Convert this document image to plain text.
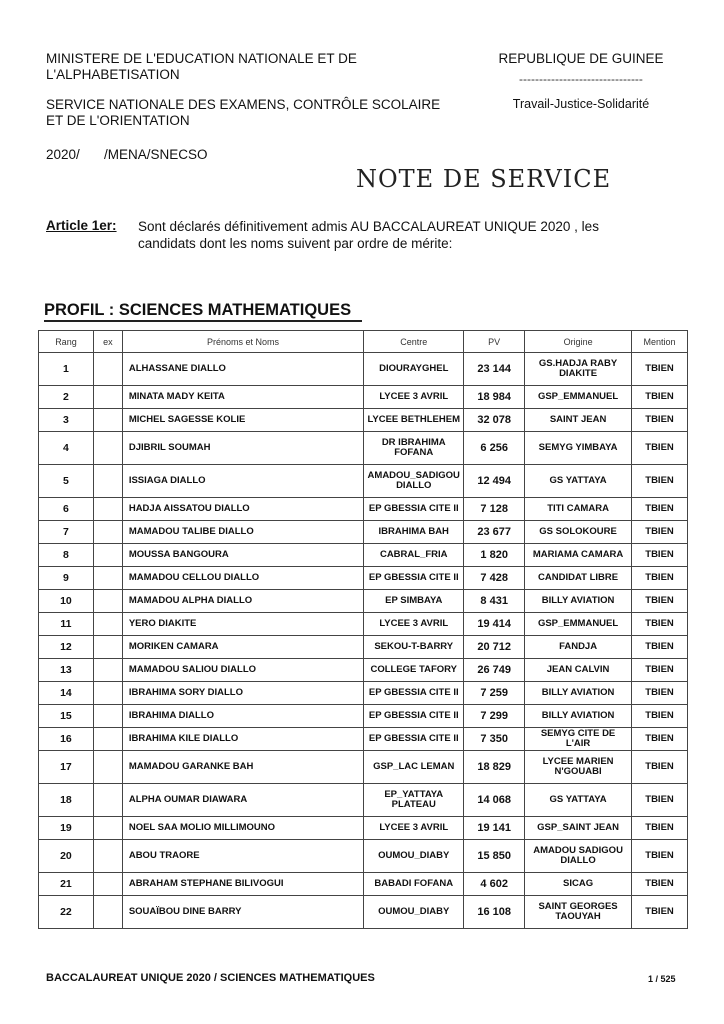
MINISTERE DE L'EDUCATION NATIONALE ET DE
L'ALPHABETISATION
SERVICE NATIONALE DES EXAMENS, CONTRÔLE SCOLAIRE
ET DE L'ORIENTATION
2020/ /MENA/SNECSO
REPUBLIQUE DE GUINEE
-------------------------------
Travail-Justice-Solidarité
NOTE DE SERVICE
Article 1er: Sont déclarés définitivement admis AU BACCALAUREAT UNIQUE 2020 , les
candidats dont les noms suivent par ordre de mérite:
PROFIL : SCIENCES MATHEMATIQUES
Rang	ex	Prénoms et Noms	Centre	PV	Origine	Mention
1		ALHASSANE DIALLO	DIOURAYGHEL	23 144	GS.HADJA RABY DIAKITE	TBIEN
2		MINATA MADY KEITA	LYCEE 3 AVRIL	18 984	GSP_EMMANUEL	TBIEN
3		MICHEL SAGESSE KOLIE	LYCEE BETHLEHEM	32 078	SAINT JEAN	TBIEN
4		DJIBRIL SOUMAH	DR IBRAHIMA FOFANA	6 256	SEMYG YIMBAYA	TBIEN
5		ISSIAGA DIALLO	AMADOU_SADIGOU DIALLO	12 494	GS YATTAYA	TBIEN
6		HADJA AISSATOU DIALLO	EP GBESSIA CITE II	7 128	TITI CAMARA	TBIEN
7		MAMADOU TALIBE DIALLO	IBRAHIMA BAH	23 677	GS SOLOKOURE	TBIEN
8		MOUSSA BANGOURA	CABRAL_FRIA	1 820	MARIAMA CAMARA	TBIEN
9		MAMADOU CELLOU DIALLO	EP GBESSIA CITE II	7 428	CANDIDAT LIBRE	TBIEN
10		MAMADOU ALPHA DIALLO	EP SIMBAYA	8 431	BILLY AVIATION	TBIEN
11		YERO DIAKITE	LYCEE 3 AVRIL	19 414	GSP_EMMANUEL	TBIEN
12		MORIKEN CAMARA	SEKOU-T-BARRY	20 712	FANDJA	TBIEN
13		MAMADOU SALIOU DIALLO	COLLEGE TAFORY	26 749	JEAN CALVIN	TBIEN
14		IBRAHIMA SORY DIALLO	EP GBESSIA CITE II	7 259	BILLY AVIATION	TBIEN
15		IBRAHIMA DIALLO	EP GBESSIA CITE II	7 299	BILLY AVIATION	TBIEN
16		IBRAHIMA KILE DIALLO	EP GBESSIA CITE II	7 350	SEMYG CITE DE L'AIR	TBIEN
17		MAMADOU GARANKE BAH	GSP_LAC LEMAN	18 829	LYCEE MARIEN N'GOUABI	TBIEN
18		ALPHA OUMAR DIAWARA	EP_YATTAYA PLATEAU	14 068	GS YATTAYA	TBIEN
19		NOEL SAA MOLIO MILLIMOUNO	LYCEE 3 AVRIL	19 141	GSP_SAINT JEAN	TBIEN
20		ABOU TRAORE	OUMOU_DIABY	15 850	AMADOU SADIGOU DIALLO	TBIEN
21		ABRAHAM STEPHANE BILIVOGUI	BABADI FOFANA	4 602	SICAG	TBIEN
22		SOUAÏBOU DINE BARRY	OUMOU_DIABY	16 108	SAINT GEORGES TAOUYAH	TBIEN
BACCALAUREAT UNIQUE 2020 / SCIENCES MATHEMATIQUES	1 / 525
